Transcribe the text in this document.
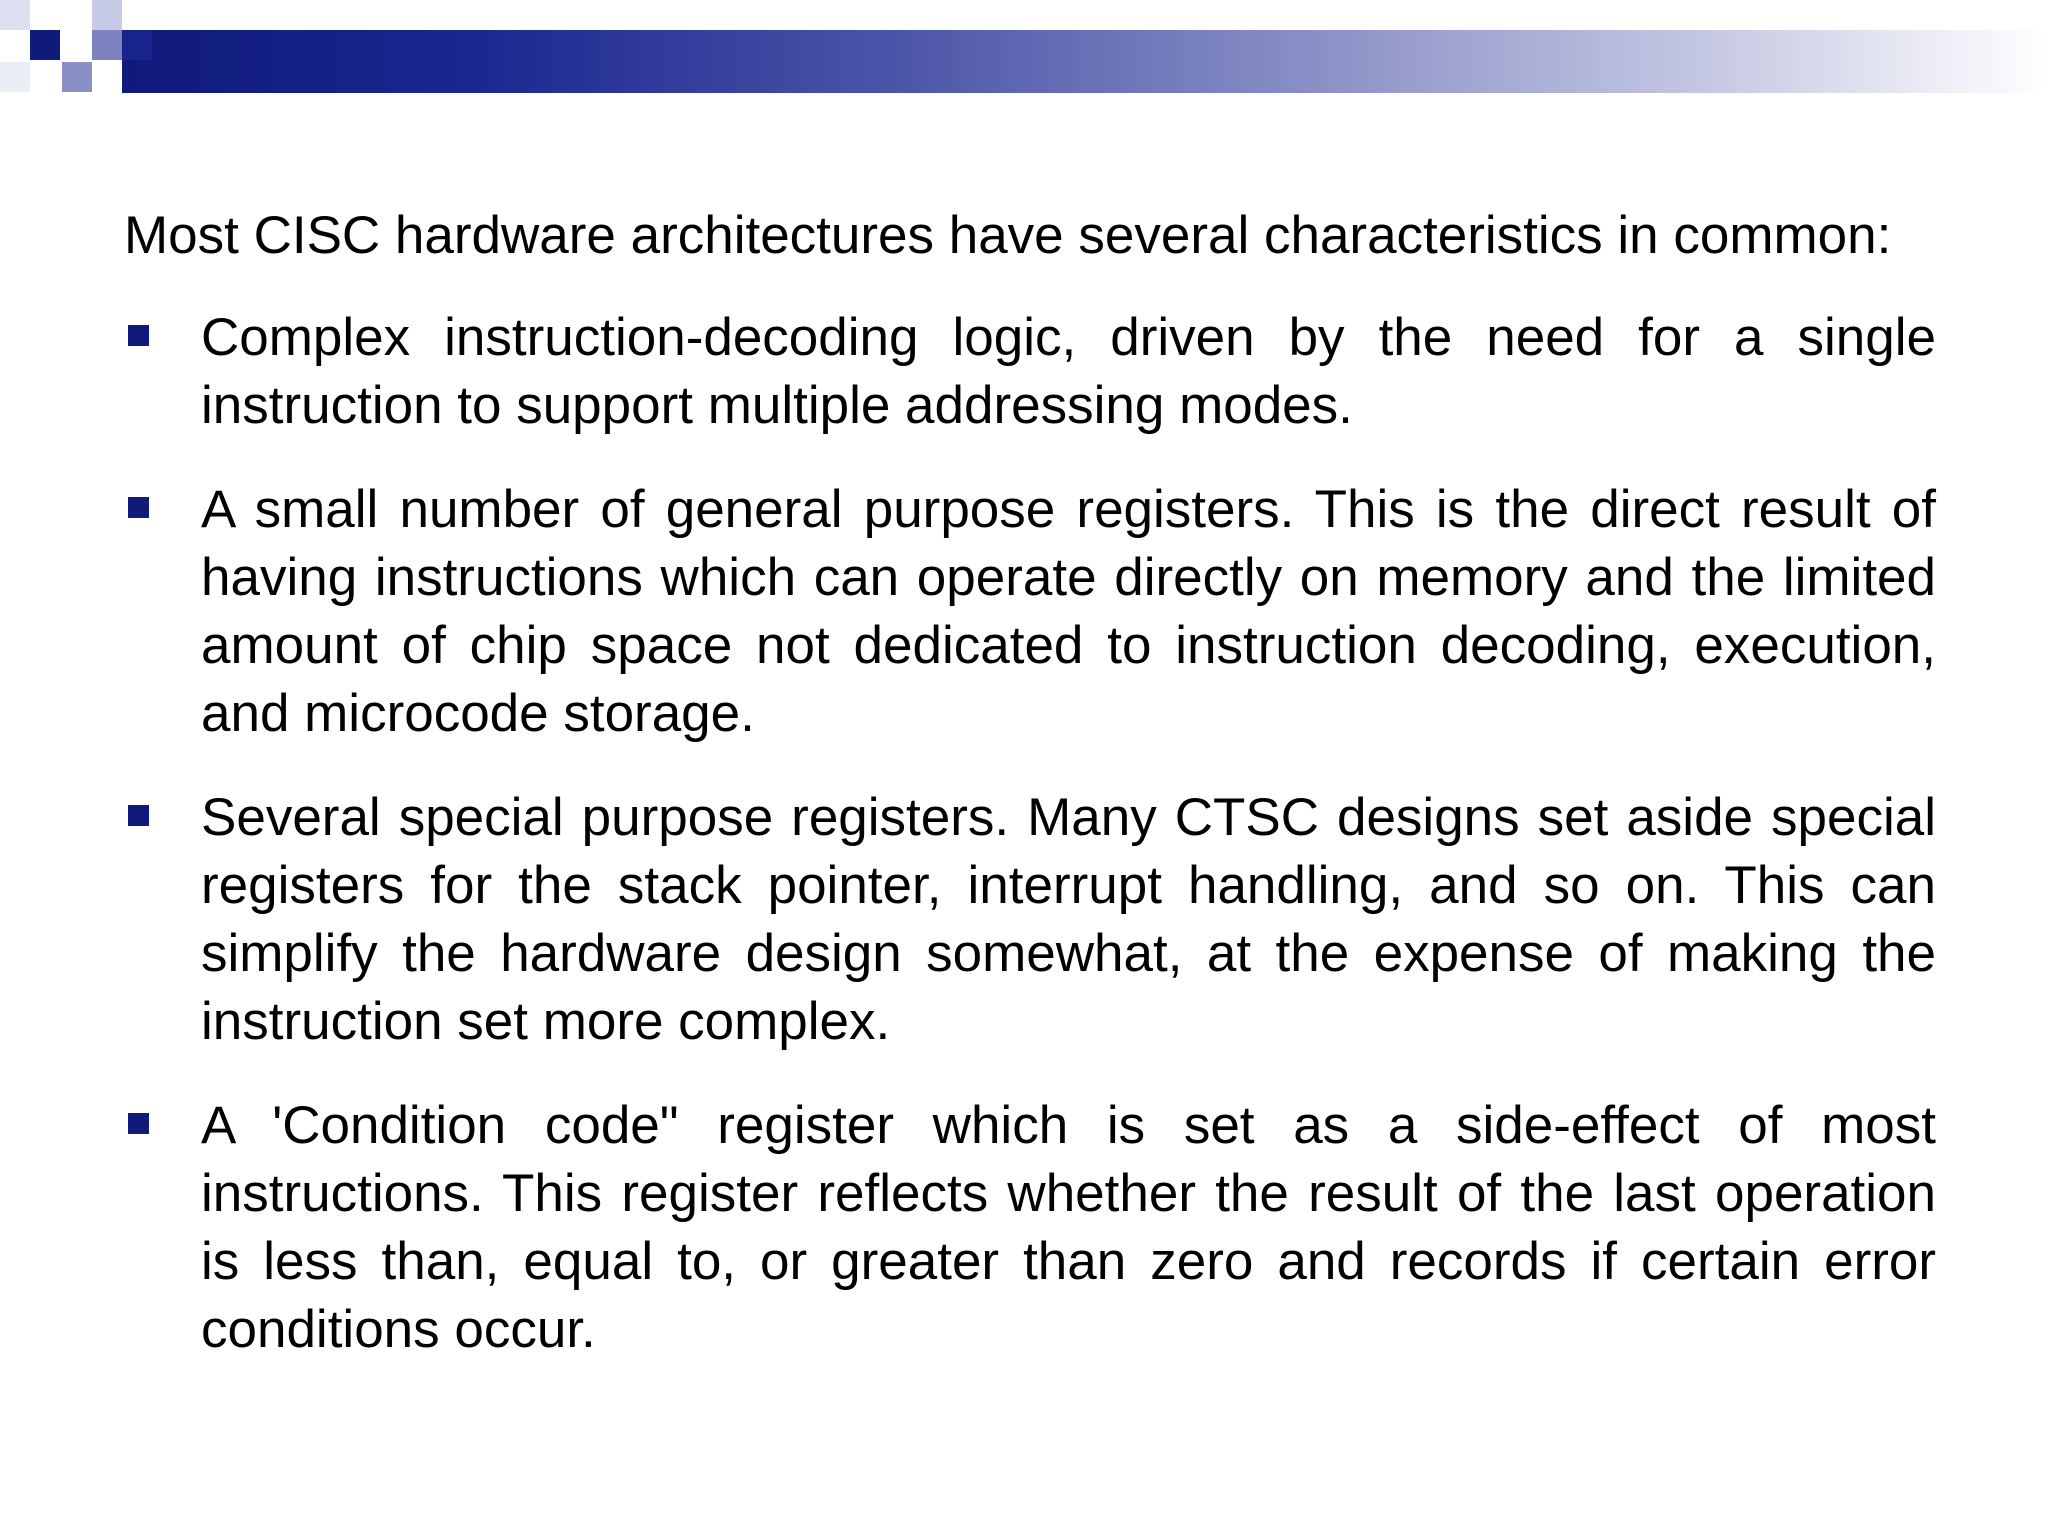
Most CISC hardware architectures have several characteristics in common:

Complex instruction-decoding logic, driven by the need for a single instruction to support multiple addressing modes.
A small number of general purpose registers. This is the direct result of having instructions which can operate directly on memory and the limited amount of chip space not dedicated to instruction decoding, execution, and microcode storage.
Several special purpose registers. Many CTSC designs set aside special registers for the stack pointer, interrupt handling, and so on. This can simplify the hardware design somewhat, at the expense of making the instruction set more complex.
A 'Condition code" register which is set as a side-effect of most instructions. This register reflects whether the result of the last operation is less than, equal to, or greater than zero and records if certain error conditions occur.
